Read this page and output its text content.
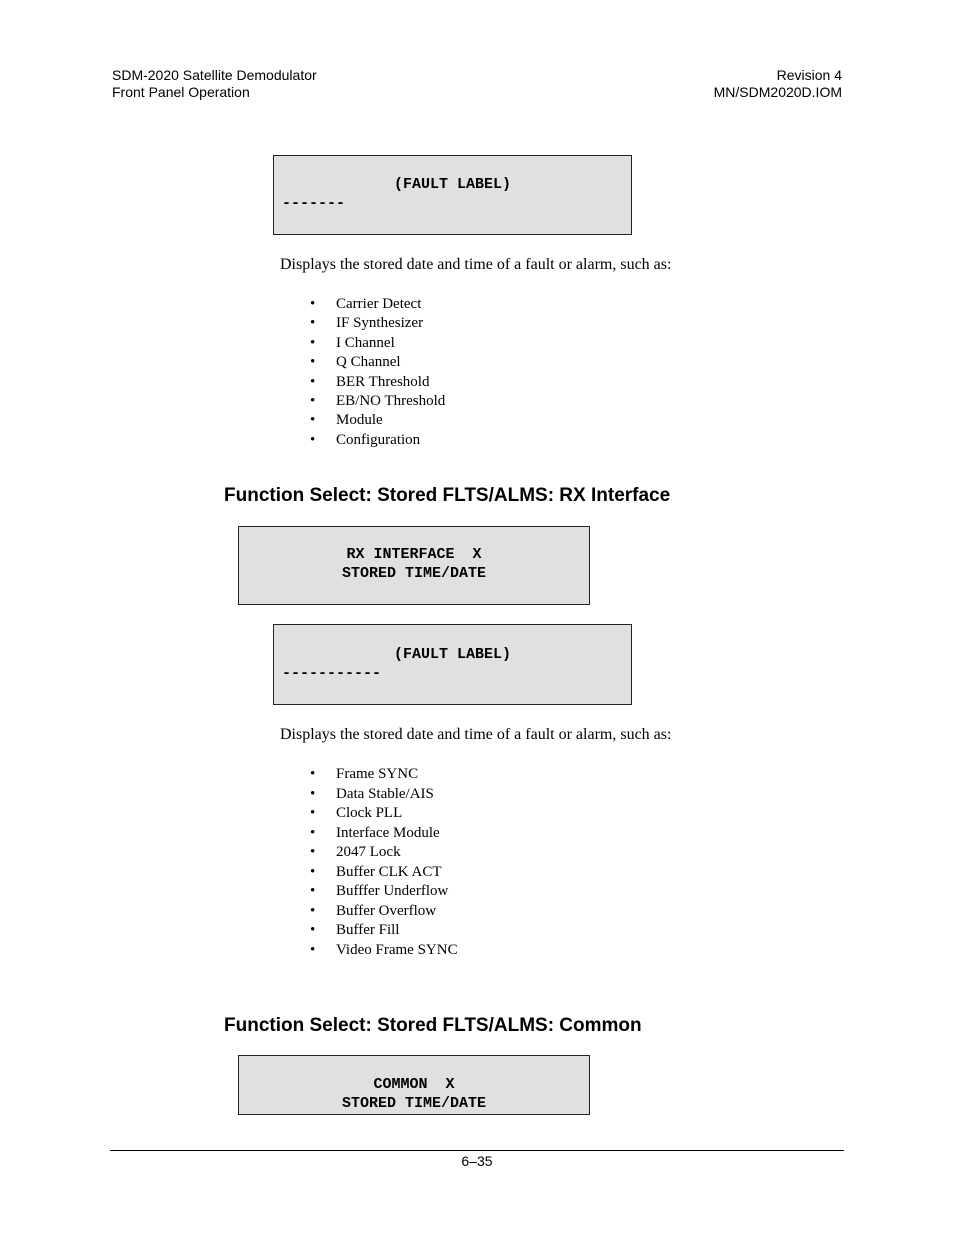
SDM-2020 Satellite Demodulator
Front Panel Operation
Revision 4
MN/SDM2020D.IOM
(FAULT LABEL)
-------
Displays the stored date and time of a fault or alarm, such as:
• Carrier Detect
• IF Synthesizer
• I Channel
• Q Channel
• BER Threshold
• EB/NO Threshold
• Module
• Configuration
Function Select: Stored FLTS/ALMS: RX Interface
RX INTERFACE  X
STORED TIME/DATE
(FAULT LABEL)
-----------
Displays the stored date and time of a fault or alarm, such as:
• Frame SYNC
• Data Stable/AIS
• Clock PLL
• Interface Module
• 2047 Lock
• Buffer CLK ACT
• Bufffer Underflow
• Buffer Overflow
• Buffer Fill
• Video Frame SYNC
Function Select: Stored FLTS/ALMS: Common
COMMON  X
STORED TIME/DATE
6–35
